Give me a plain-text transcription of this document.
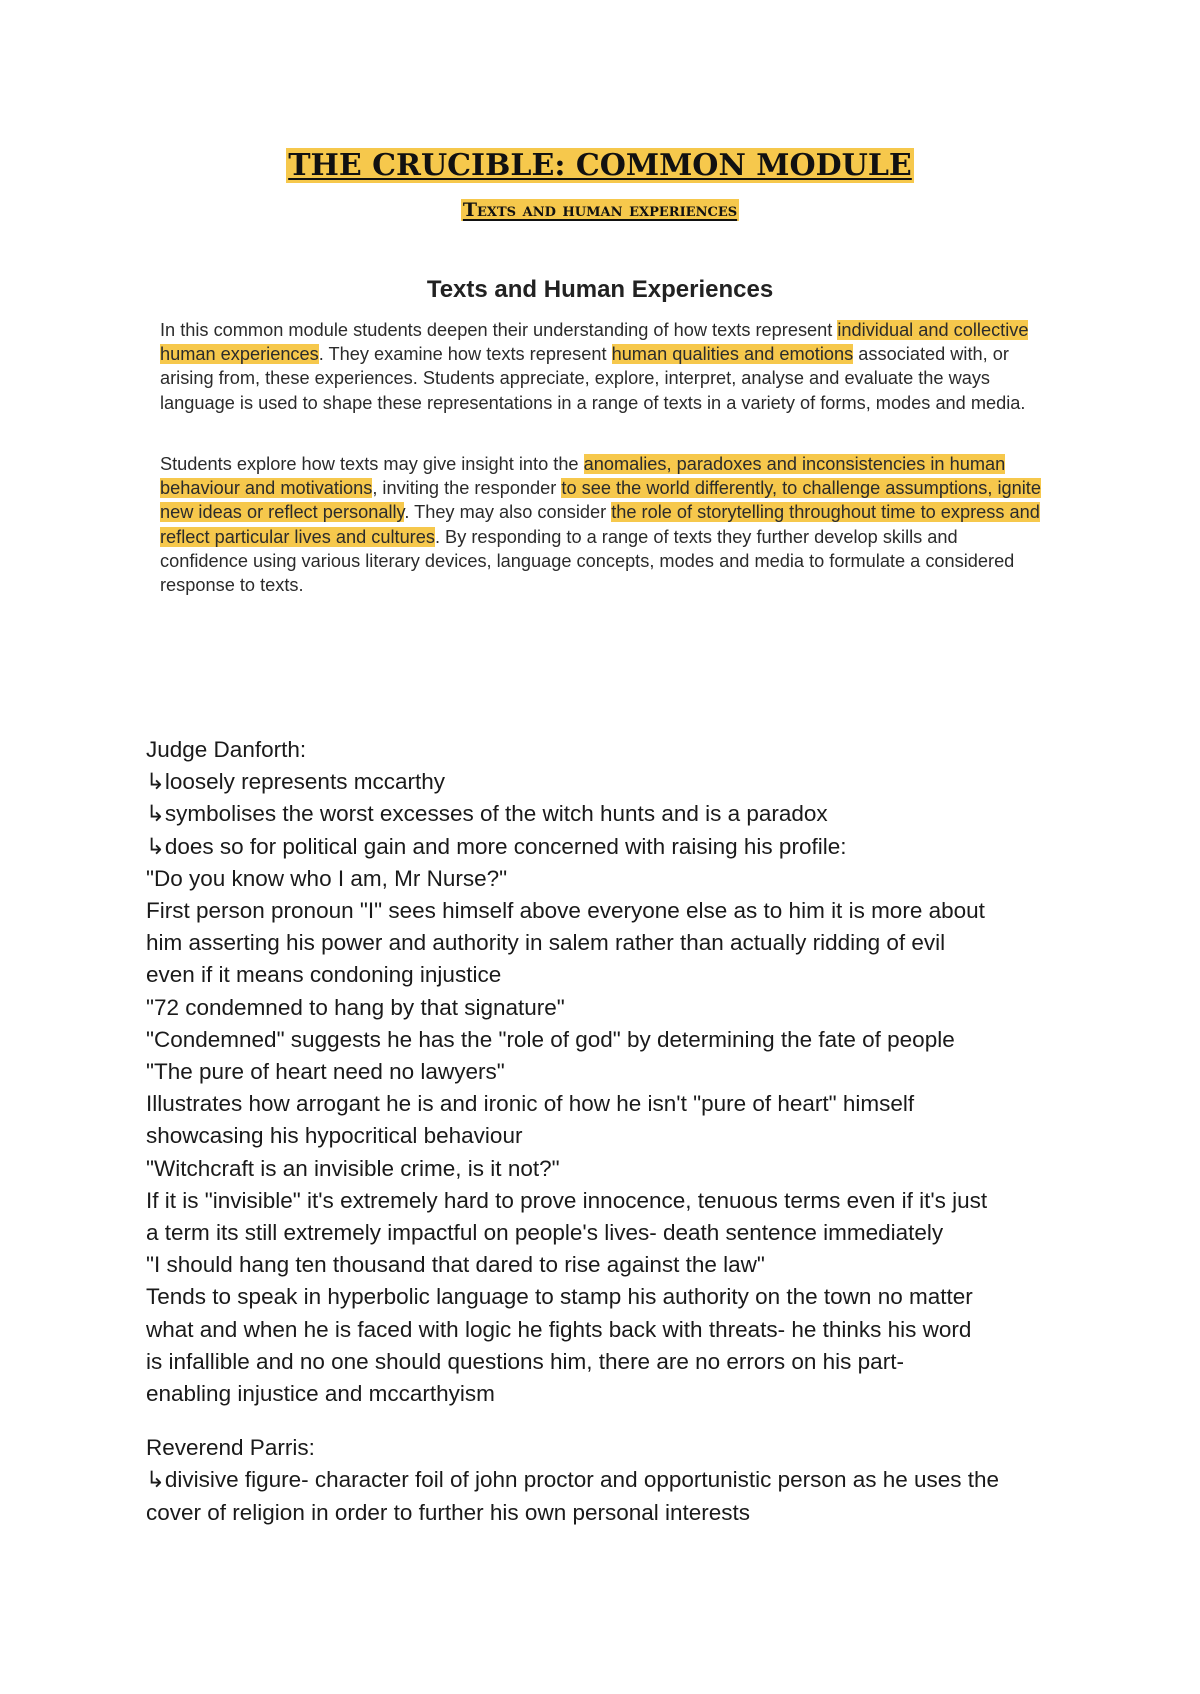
THE CRUCIBLE: COMMON MODULE
Texts and human experiences
Texts and Human Experiences

In this common module students deepen their understanding of how texts represent individual and collective human experiences. They examine how texts represent human qualities and emotions associated with, or arising from, these experiences. Students appreciate, explore, interpret, analyse and evaluate the ways language is used to shape these representations in a range of texts in a variety of forms, modes and media.

Students explore how texts may give insight into the anomalies, paradoxes and inconsistencies in human behaviour and motivations, inviting the responder to see the world differently, to challenge assumptions, ignite new ideas or reflect personally. They may also consider the role of storytelling throughout time to express and reflect particular lives and cultures. By responding to a range of texts they further develop skills and confidence using various literary devices, language concepts, modes and media to formulate a considered response to texts.

Judge Danforth:
↳loosely represents mccarthy
↳symbolises the worst excesses of the witch hunts and is a paradox
↳does so for political gain and more concerned with raising his profile:
"Do you know who I am, Mr Nurse?"
First person pronoun "I" sees himself above everyone else as to him it is more about
him asserting his power and authority in salem rather than actually ridding of evil
even if it means condoning injustice
"72 condemned to hang by that signature"
"Condemned" suggests he has the "role of god" by determining the fate of people
"The pure of heart need no lawyers"
Illustrates how arrogant he is and ironic of how he isn't "pure of heart" himself
showcasing his hypocritical behaviour
"Witchcraft is an invisible crime, is it not?"
If it is "invisible" it's extremely hard to prove innocence, tenuous terms even if it's just
a term its still extremely impactful on people's lives- death sentence immediately
"I should hang ten thousand that dared to rise against the law"
Tends to speak in hyperbolic language to stamp his authority on the town no matter
what and when he is faced with logic he fights back with threats- he thinks his word
is infallible and no one should questions him, there are no errors on his part-
enabling injustice and mccarthyism
Reverend Parris:
↳divisive figure- character foil of john proctor and opportunistic person as he uses the
cover of religion in order to further his own personal interests
